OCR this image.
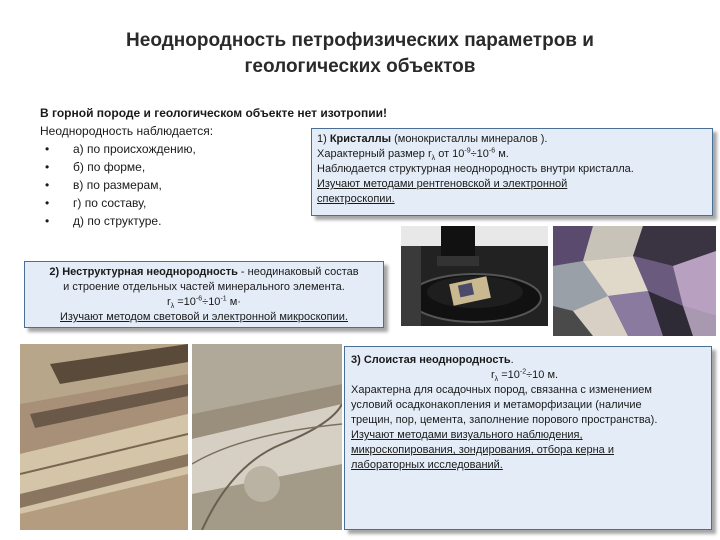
Неоднородность петрофизических параметров и
геологических объектов
В горной породе и геологическом объекте нет изотропии!
Неоднородность наблюдается:
• а) по происхождению,
• б) по форме,
• в) по размерам,
• г) по составу,
• д) по структуре.
1) Кристаллы (монокристаллы минералов ).
Характерный размер $r_\lambda$ от $10^{-9}\div 10^{-6}$ м.
Наблюдается структурная неоднородность внутри кристалла.
Изучают методами рентгеновской и электронной
спектроскопии.
2) Неструктурная неоднородность - неодинаковый состав
и строение отдельных частей минерального элемента.
$r_\lambda =10^{-6}\div 10^{-1}$ м·
Изучают методом световой и электронной микроскопии.
3) Слоистая неоднородность.
$r_\lambda =10^{-2}\div 10$ м.
Характерна для осадочных пород, связанна с изменением
условий осадконакопления и метаморфизации (наличие
трещин, пор, цемента, заполнение порового пространства).
Изучают методами визуального наблюдения,
микроскопирования, зондирования, отбора керна и
лабораторных исследований.
